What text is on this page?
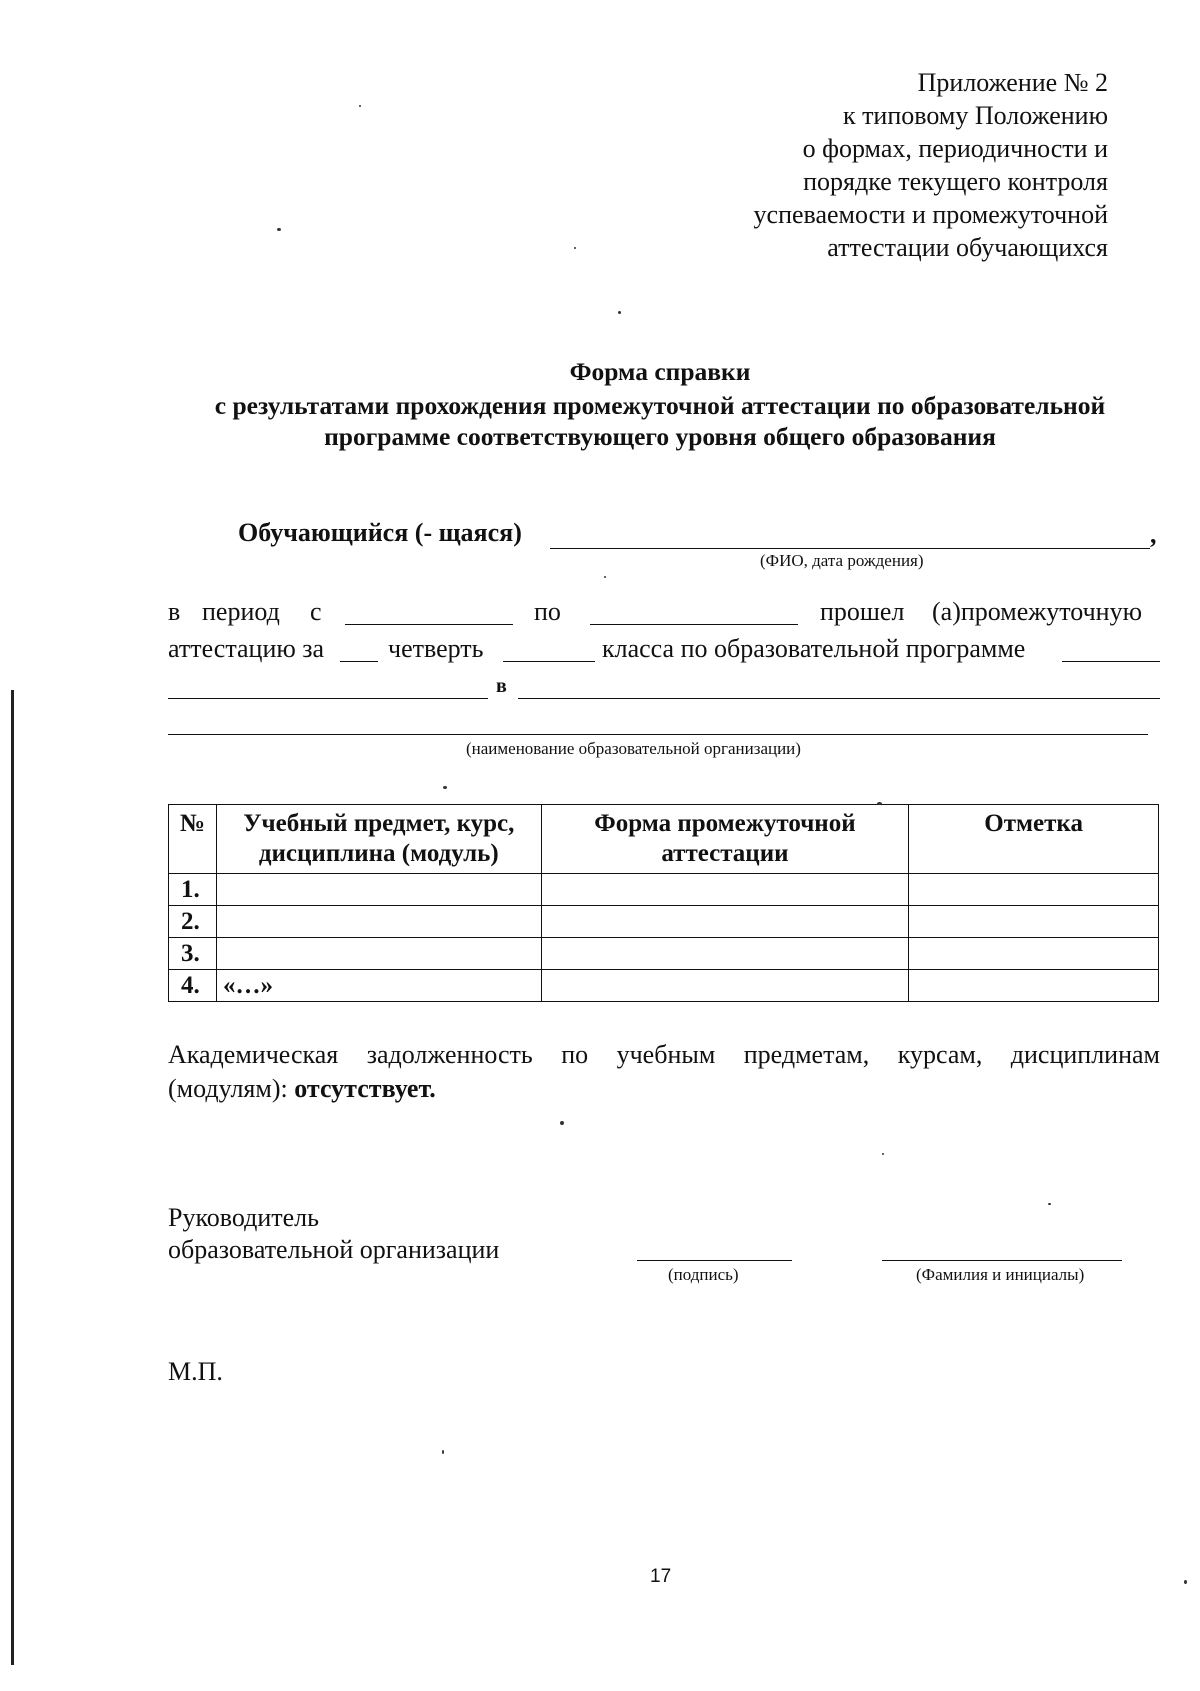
Приложение № 2
к типовому Положению
о формах, периодичности и
порядке текущего контроля
успеваемости и промежуточной
аттестации обучающихся
Форма справки
с результатами прохождения промежуточной аттестации по образовательной
программе соответствующего уровня общего образования
Обучающийся (- щаяся)	,
(ФИО, дата рождения)
в период с	по	прошел (а)промежуточную
аттестацию за четверть	класса по образовательной программе
в
(наименование образовательной организации)
№	Учебный предмет, курс, дисциплина (модуль)	Форма промежуточной аттестации	Отметка
1.			
2.			
3.			
4.	«…»		
Академическая задолженность по учебным предметам, курсам, дисциплинам
(модулям): отсутствует.
Руководитель
образовательной организации
(подпись)	(Фамилия и инициалы)
М.П.
17
